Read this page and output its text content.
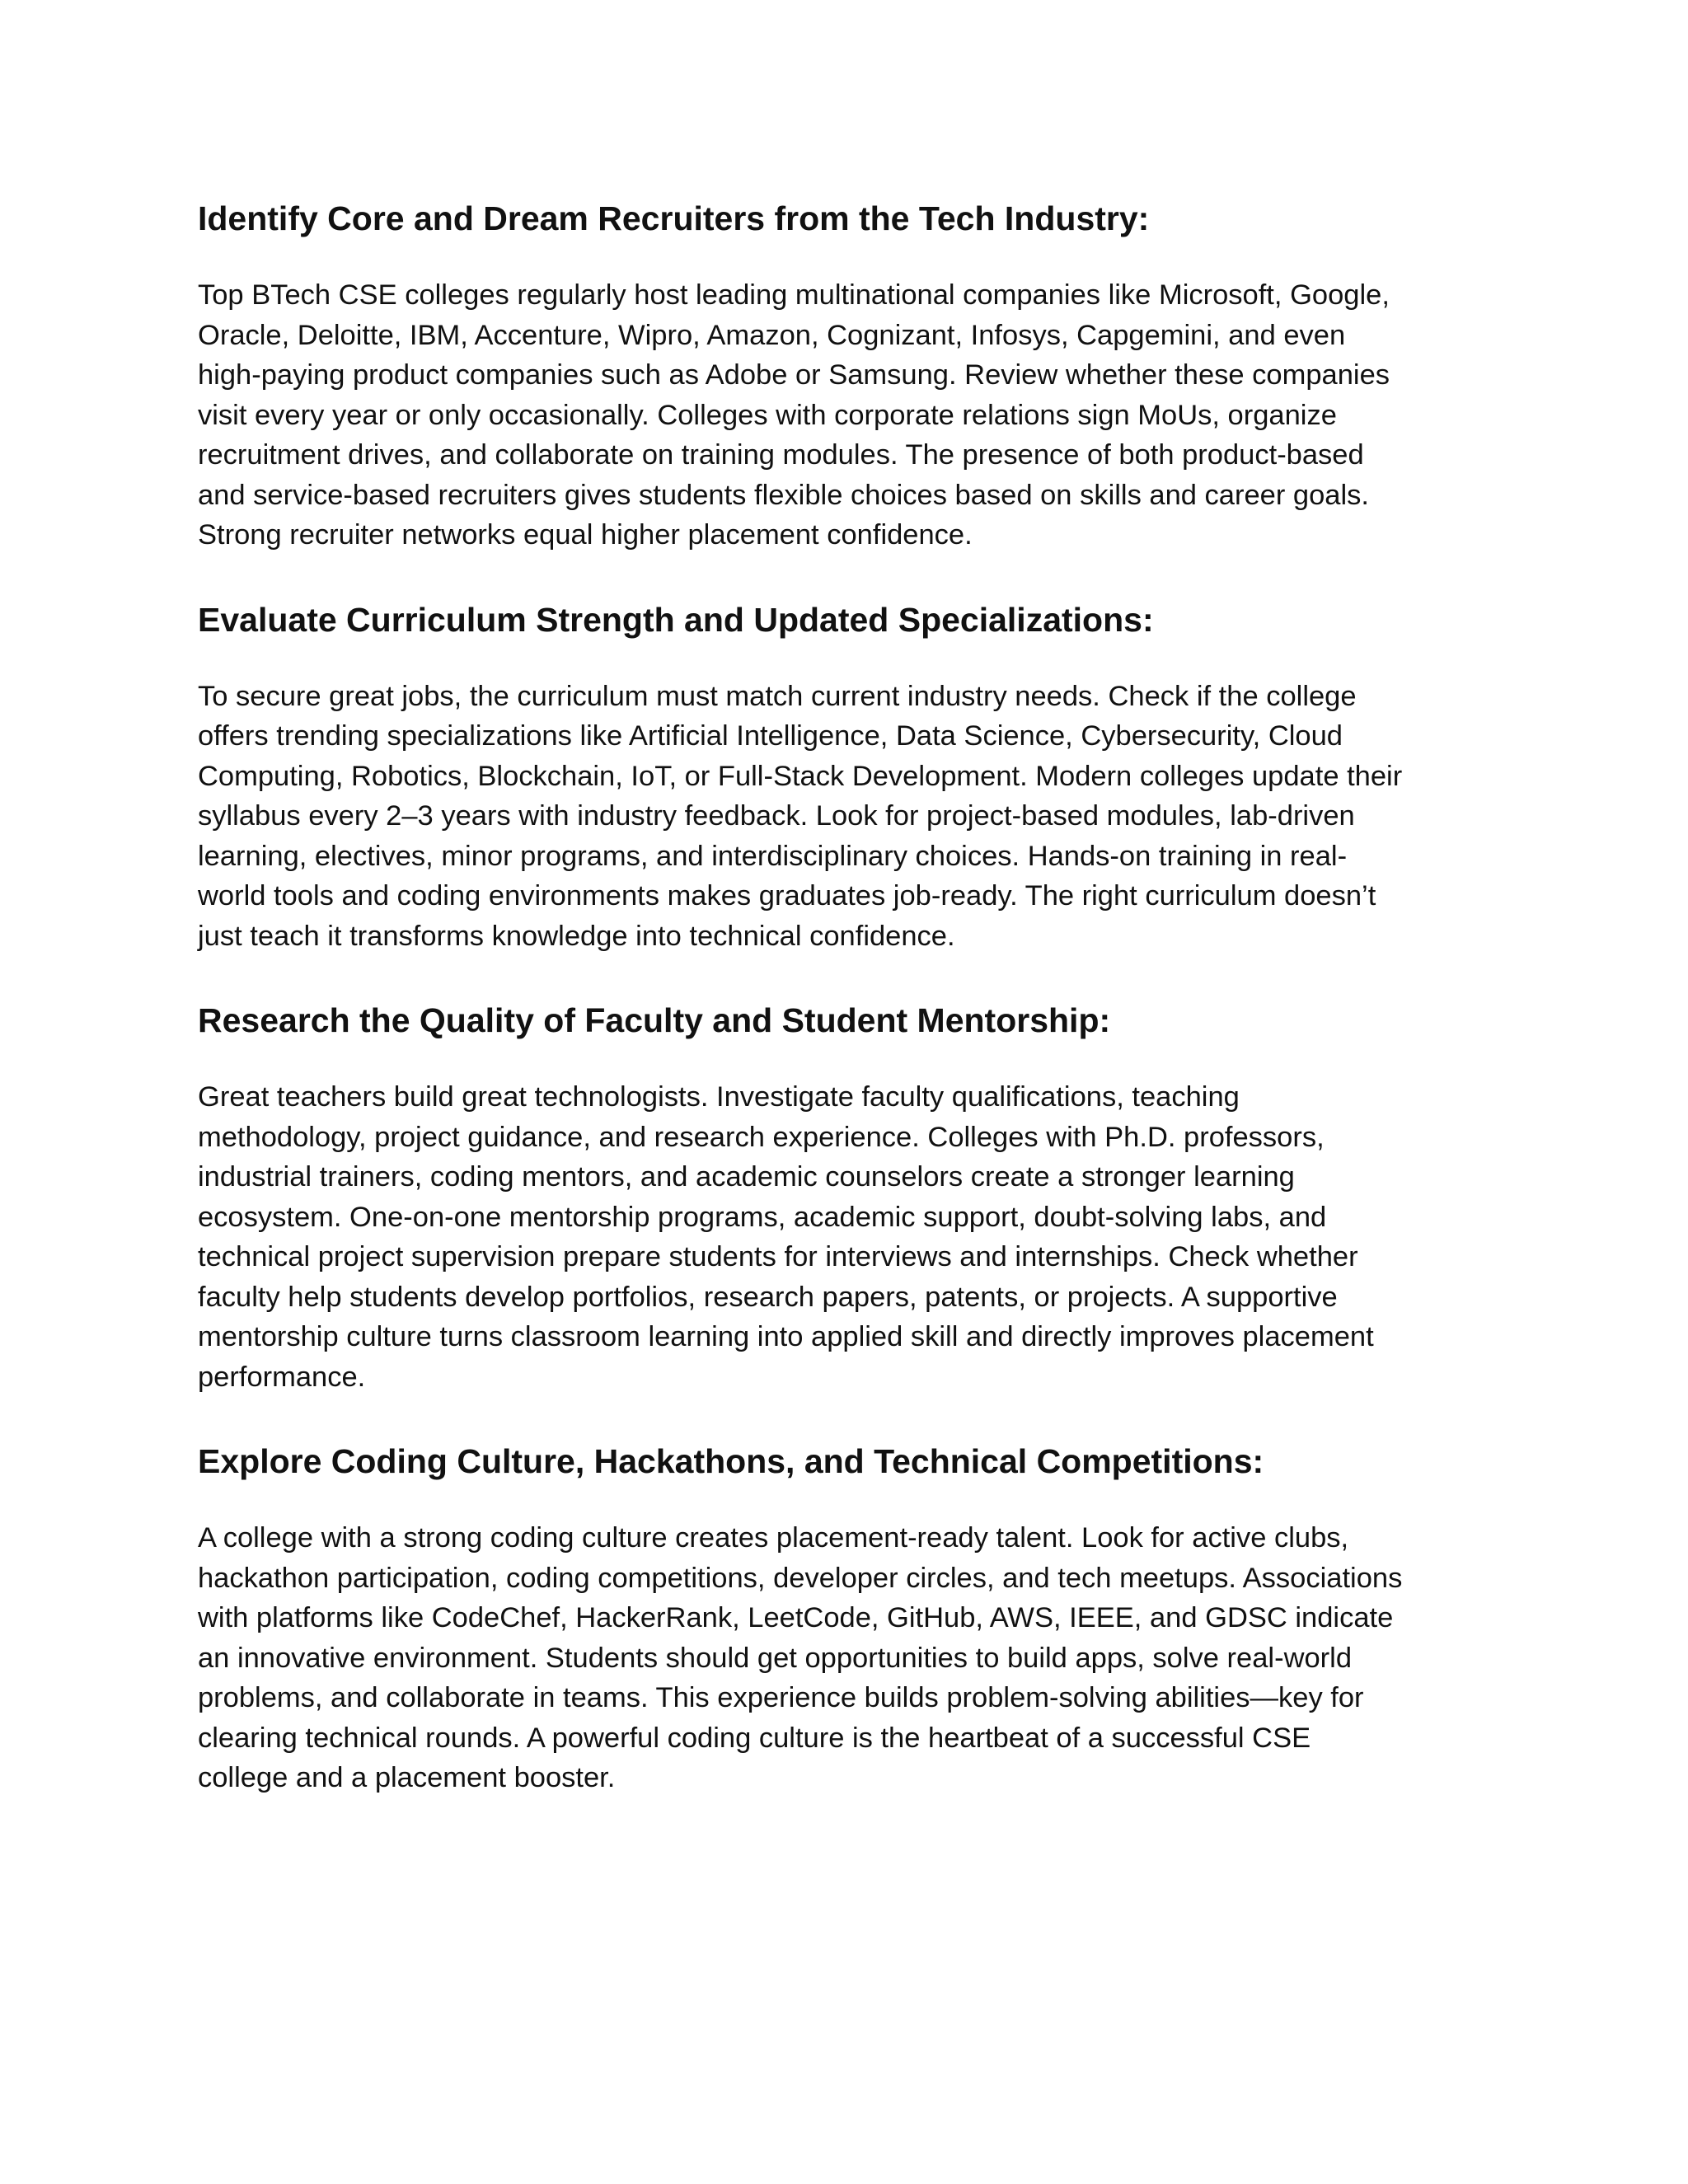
Identify Core and Dream Recruiters from the Tech Industry:

Top BTech CSE colleges regularly host leading multinational companies like Microsoft, Google,
Oracle, Deloitte, IBM, Accenture, Wipro, Amazon, Cognizant, Infosys, Capgemini, and even
high-paying product companies such as Adobe or Samsung. Review whether these companies
visit every year or only occasionally. Colleges with corporate relations sign MoUs, organize
recruitment drives, and collaborate on training modules. The presence of both product-based
and service-based recruiters gives students flexible choices based on skills and career goals.
Strong recruiter networks equal higher placement confidence.

Evaluate Curriculum Strength and Updated Specializations:

To secure great jobs, the curriculum must match current industry needs. Check if the college
offers trending specializations like Artificial Intelligence, Data Science, Cybersecurity, Cloud
Computing, Robotics, Blockchain, IoT, or Full-Stack Development. Modern colleges update their
syllabus every 2–3 years with industry feedback. Look for project-based modules, lab-driven
learning, electives, minor programs, and interdisciplinary choices. Hands-on training in real-
world tools and coding environments makes graduates job-ready. The right curriculum doesn’t
just teach it transforms knowledge into technical confidence.

Research the Quality of Faculty and Student Mentorship:

Great teachers build great technologists. Investigate faculty qualifications, teaching
methodology, project guidance, and research experience. Colleges with Ph.D. professors,
industrial trainers, coding mentors, and academic counselors create a stronger learning
ecosystem. One-on-one mentorship programs, academic support, doubt-solving labs, and
technical project supervision prepare students for interviews and internships. Check whether
faculty help students develop portfolios, research papers, patents, or projects. A supportive
mentorship culture turns classroom learning into applied skill and directly improves placement
performance.

Explore Coding Culture, Hackathons, and Technical Competitions:

A college with a strong coding culture creates placement-ready talent. Look for active clubs,
hackathon participation, coding competitions, developer circles, and tech meetups. Associations
with platforms like CodeChef, HackerRank, LeetCode, GitHub, AWS, IEEE, and GDSC indicate
an innovative environment. Students should get opportunities to build apps, solve real-world
problems, and collaborate in teams. This experience builds problem-solving abilities—key for
clearing technical rounds. A powerful coding culture is the heartbeat of a successful CSE
college and a placement booster.
